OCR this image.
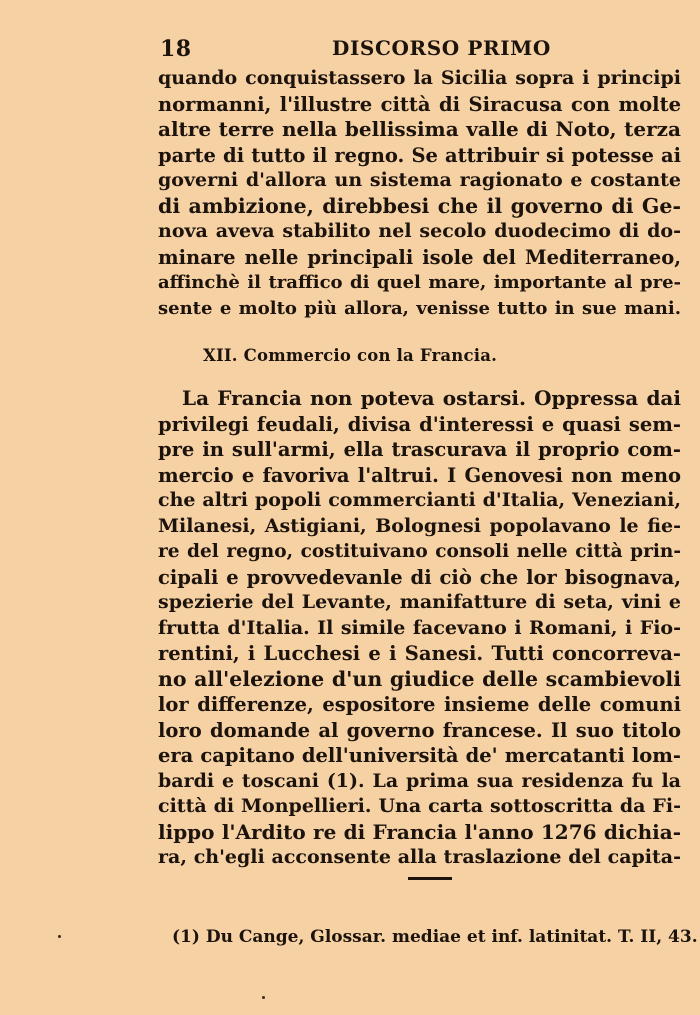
18	DISCORSO PRIMO
quando conquistassero la Sicilia sopra i principi
normanni, l'illustre città di Siracusa con molte
altre terre nella bellissima valle di Noto, terza
parte di tutto il regno. Se attribuir si potesse ai
governi d'allora un sistema ragionato e costante
di ambizione, direbbesi che il governo di Ge-
nova aveva stabilito nel secolo duodecimo di do-
minare nelle principali isole del Mediterraneo,
affinchè il traffico di quel mare, importante al pre-
sente e molto più allora, venisse tutto in sue mani.
XII. Commercio con la Francia.
La Francia non poteva ostarsi. Oppressa dai
privilegi feudali, divisa d'interessi e quasi sem-
pre in sull'armi, ella trascurava il proprio com-
mercio e favoriva l'altrui. I Genovesi non meno
che altri popoli commercianti d'Italia, Veneziani,
Milanesi, Astigiani, Bolognesi popolavano le fie-
re del regno, costituivano consoli nelle città prin-
cipali e provvedevanle di ciò che lor bisognava,
spezierie del Levante, manifatture di seta, vini e
frutta d'Italia. Il simile facevano i Romani, i Fio-
rentini, i Lucchesi e i Sanesi. Tutti concorreva-
no all'elezione d'un giudice delle scambievoli
lor differenze, espositore insieme delle comuni
loro domande al governo francese. Il suo titolo
era capitano dell'università de' mercatanti lom-
bardi e toscani (1). La prima sua residenza fu la
città di Monpellieri. Una carta sottoscritta da Fi-
lippo l'Ardito re di Francia l'anno 1276 dichia-
ra, ch'egli acconsente alla traslazione del capita-
(1) Du Cange, Glossar. mediae et inf. latinitat. T. II, 43.
